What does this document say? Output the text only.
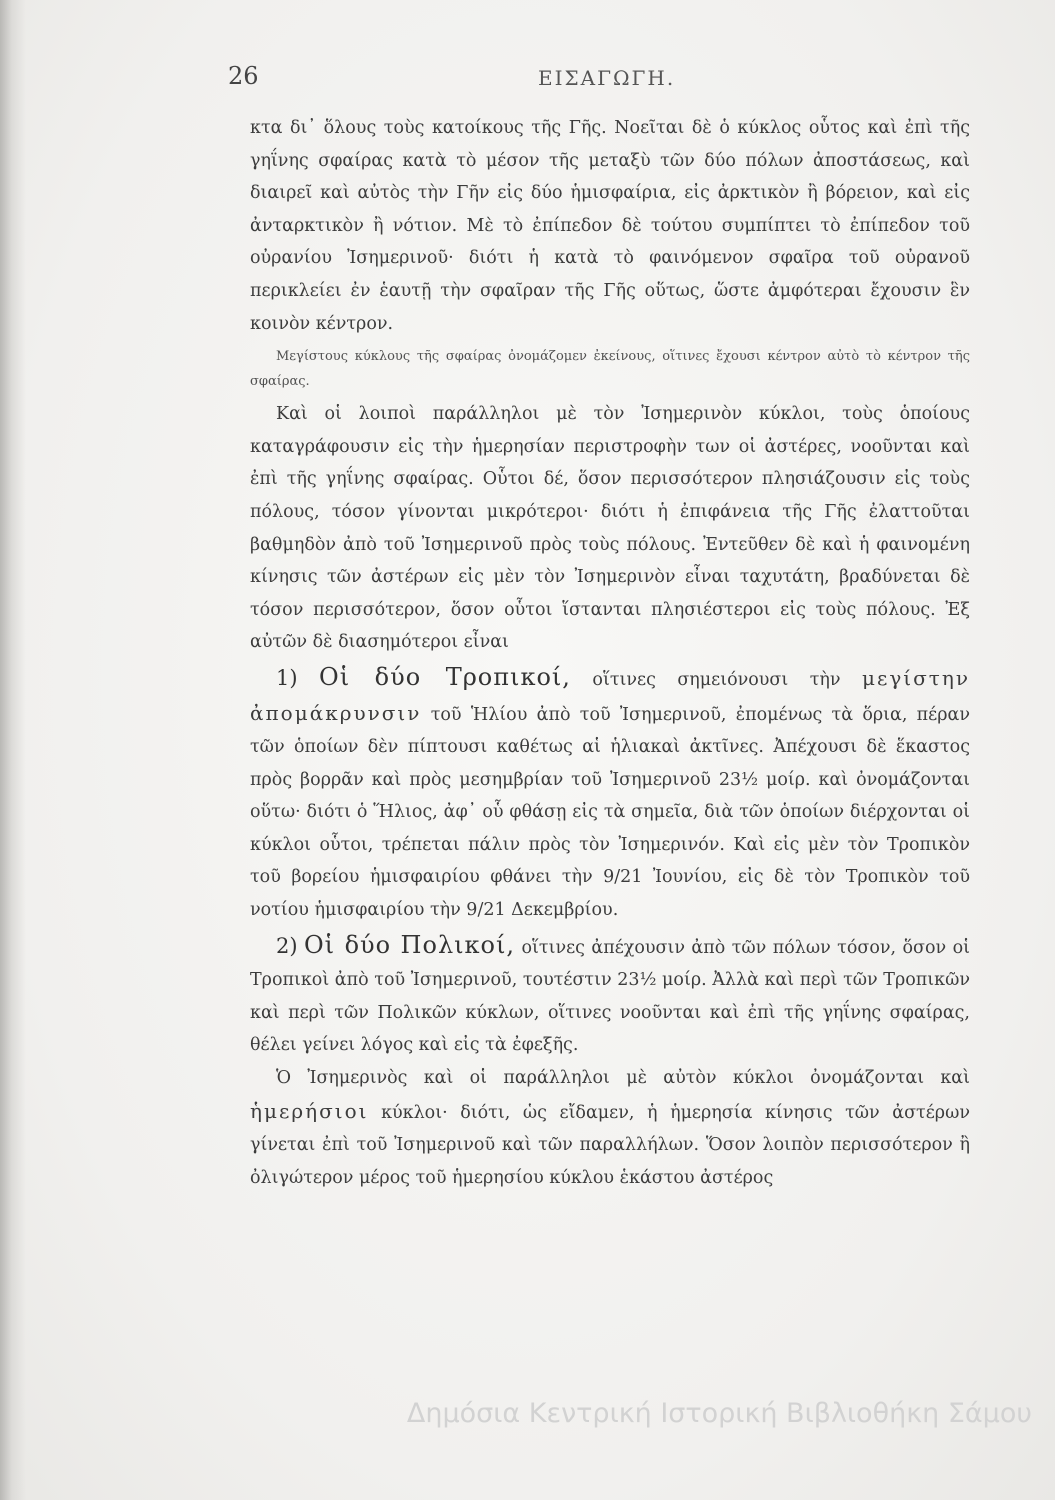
26	ΕΙΣΑΓΩΓΗ.

κτα δι᾽ ὅλους τοὺς κατοίκους τῆς Γῆς. Νοεῖται δὲ ὁ κύκλος οὗτος καὶ ἐπὶ τῆς γηΐνης σφαίρας κατὰ τὸ μέσον τῆς μεταξὺ τῶν δύο πόλων ἀποστάσεως, καὶ διαιρεῖ καὶ αὐτὸς τὴν Γῆν εἰς δύο ἡμισφαίρια, εἰς ἀρκτικὸν ἢ βόρειον, καὶ εἰς ἀνταρκτικὸν ἢ νότιον. Μὲ τὸ ἐπίπεδον δὲ τούτου συμπίπτει τὸ ἐπίπεδον τοῦ οὐρανίου Ἰσημερινοῦ· διότι ἡ κατὰ τὸ φαινόμενον σφαῖρα τοῦ οὐρανοῦ περικλείει ἐν ἑαυτῇ τὴν σφαῖραν τῆς Γῆς οὕτως, ὥστε ἀμφότεραι ἔχουσιν ἓν κοινὸν κέντρον.

Μεγίστους κύκλους τῆς σφαίρας ὀνομάζομεν ἐκείνους, οἵτινες ἔχουσι κέντρον αὐτὸ τὸ κέντρον τῆς σφαίρας.

Καὶ οἱ λοιποὶ παράλληλοι μὲ τὸν Ἰσημερινὸν κύκλοι, τοὺς ὁποίους καταγράφουσιν εἰς τὴν ἡμερησίαν περιστροφὴν των οἱ ἀστέρες, νοοῦνται καὶ ἐπὶ τῆς γηΐνης σφαίρας. Οὗτοι δέ, ὅσον περισσότερον πλησιάζουσιν εἰς τοὺς πόλους, τόσον γίνονται μικρότεροι· διότι ἡ ἐπιφάνεια τῆς Γῆς ἐλαττοῦται βαθμηδὸν ἀπὸ τοῦ Ἰσημερινοῦ πρὸς τοὺς πόλους. Ἐντεῦθεν δὲ καὶ ἡ φαινομένη κίνησις τῶν ἀστέρων εἰς μὲν τὸν Ἰσημερινὸν εἶναι ταχυτάτη, βραδύνεται δὲ τόσον περισσότερον, ὅσον οὗτοι ἵστανται πλησιέστεροι εἰς τοὺς πόλους. Ἐξ αὐτῶν δὲ διασημότεροι εἶναι

1) Οἱ δύο Τροπικοί, οἵτινες σημειόνουσι τὴν μεγίστην ἀπομάκρυνσιν τοῦ Ἡλίου ἀπὸ τοῦ Ἰσημερινοῦ, ἐπομένως τὰ ὅρια, πέραν τῶν ὁποίων δὲν πίπτουσι καθέτως αἱ ἡλιακαὶ ἀκτῖνες. Ἀπέχουσι δὲ ἕκαστος πρὸς βορρᾶν καὶ πρὸς μεσημβρίαν τοῦ Ἰσημερινοῦ 23½ μοίρ. καὶ ὀνομάζονται οὕτω· διότι ὁ Ἥλιος, ἀφ᾽ οὗ φθάσῃ εἰς τὰ σημεῖα, διὰ τῶν ὁποίων διέρχονται οἱ κύκλοι οὗτοι, τρέπεται πάλιν πρὸς τὸν Ἰσημερινόν. Καὶ εἰς μὲν τὸν Τροπικὸν τοῦ βορείου ἡμισφαιρίου φθάνει τὴν 9/21 Ἰουνίου, εἰς δὲ τὸν Τροπικὸν τοῦ νοτίου ἡμισφαιρίου τὴν 9/21 Δεκεμβρίου.

2) Οἱ δύο Πολικοί, οἵτινες ἀπέχουσιν ἀπὸ τῶν πόλων τόσον, ὅσον οἱ Τροπικοὶ ἀπὸ τοῦ Ἰσημερινοῦ, τουτέστιν 23½ μοίρ. Ἀλλὰ καὶ περὶ τῶν Τροπικῶν καὶ περὶ τῶν Πολικῶν κύκλων, οἵτινες νοοῦνται καὶ ἐπὶ τῆς γηΐνης σφαίρας, θέλει γείνει λόγος καὶ εἰς τὰ ἐφεξῆς.

Ὁ Ἰσημερινὸς καὶ οἱ παράλληλοι μὲ αὐτὸν κύκλοι ὀνομάζονται καὶ ἡμερήσιοι κύκλοι· διότι, ὡς εἴδαμεν, ἡ ἡμερησία κίνησις τῶν ἀστέρων γίνεται ἐπὶ τοῦ Ἰσημερινοῦ καὶ τῶν παραλλήλων. Ὅσον λοιπὸν περισσότερον ἢ ὀλιγώτερον μέρος τοῦ ἡμερησίου κύκλου ἑκάστου ἀστέρος

Δημόσια Κεντρική Ιστορική Βιβλιοθήκη Σάμου
